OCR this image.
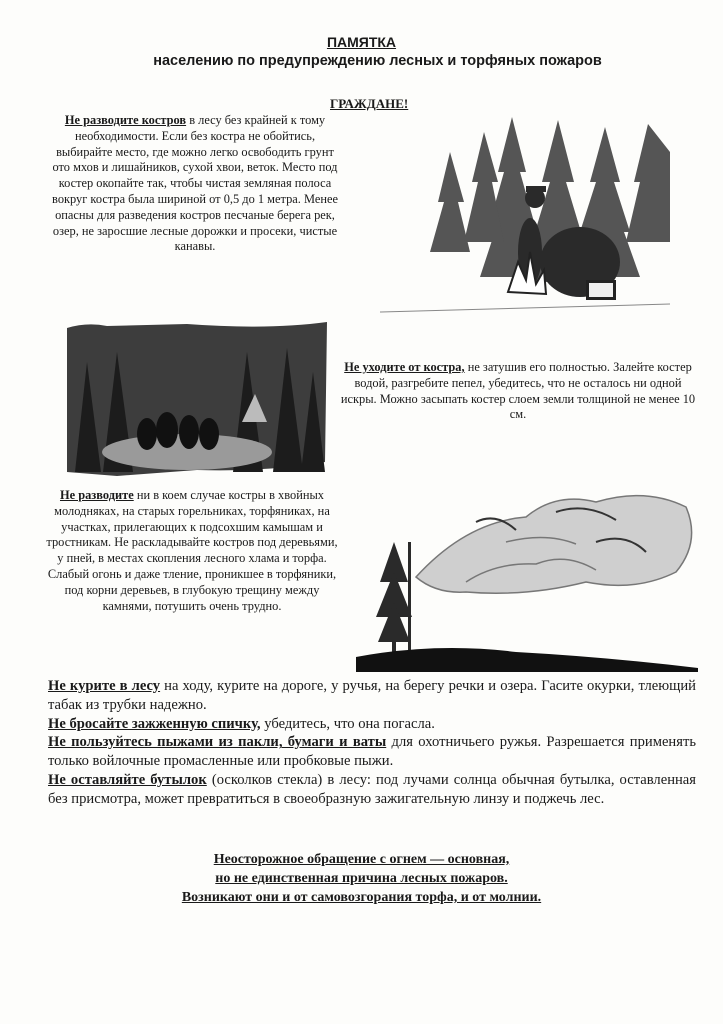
ПАМЯТКА
населению по предупреждению лесных и торфяных пожаров
ГРАЖДАНЕ!
Не разводите костров в лесу без крайней к тому необходимости. Если без костра не обойтись, выбирайте место, где можно легко освободить грунт ото мхов и лишайников, сухой хвои, веток. Место под костер окопайте так, чтобы чистая земляная полоса вокруг костра была шириной от 0,5 до 1 метра. Менее опасны для разведения костров песчаные берега рек, озер, не заросшие лесные дорожки и просеки, чистые канавы.
Не уходите от костра, не затушив его полностью. Залейте костер водой, разгребите пепел, убедитесь, что не осталось ни одной искры. Можно засыпать костер слоем земли толщиной не менее 10 см.
Не разводите ни в коем случае костры в хвойных молодняках, на старых горельниках, торфяниках, на участках, прилегающих к подсохшим камышам и тростникам. Не раскладывайте костров под деревьями, у пней, в местах скопления лесного хлама и торфа. Слабый огонь и даже тление, проникшее в торфяники, под корни деревьев, в глубокую трещину между камнями, потушить очень трудно.

Не курите в лесу на ходу, курите на дороге, у ручья, на берегу речки и озера. Гасите окурки, тлеющий табак из трубки надежно.

Не бросайте зажженную спичку, убедитесь, что она погасла.

Не пользуйтесь пыжами из пакли, бумаги и ваты для охотничьего ружья. Разрешается применять только войлочные промасленные или пробковые пыжи.

Не оставляйте бутылок (осколков стекла) в лесу: под лучами солнца обычная бутылка, оставленная без присмотра, может превратиться в своеобразную зажигательную линзу и поджечь лес.

Неосторожное обращение с огнем — основная,
но не единственная причина лесных пожаров.
Возникают они и от самовозгорания торфа, и от молнии.
